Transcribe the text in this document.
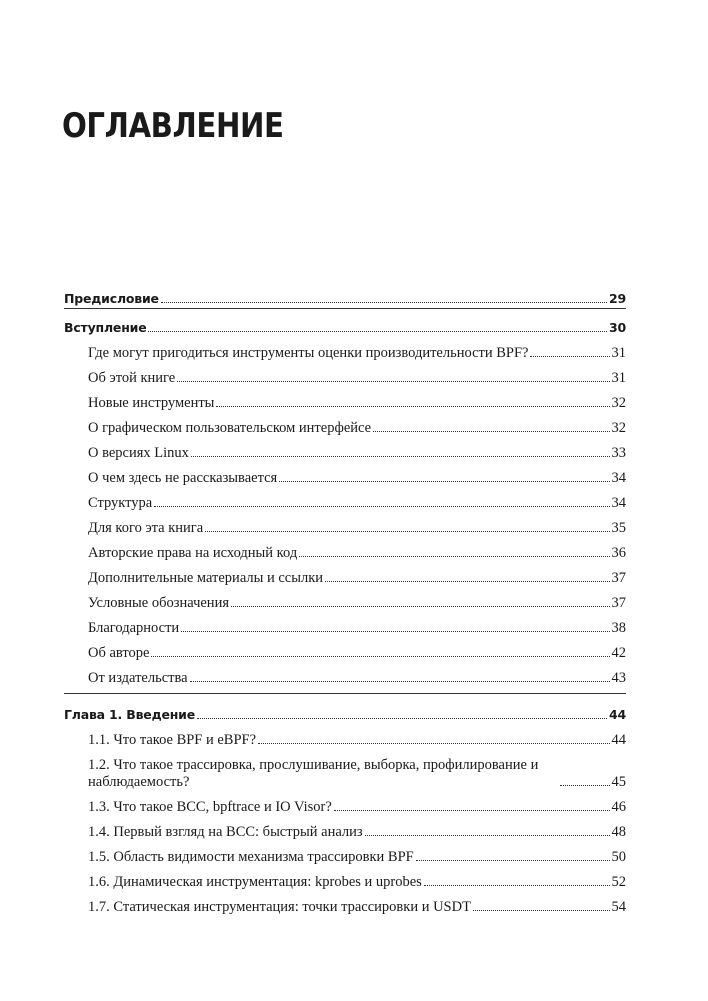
ОГЛАВЛЕНИЕ
Предисловие	29
Вступление	30
Где могут пригодиться инструменты оценки производительности BPF?	31
Об этой книге	31
Новые инструменты	32
О графическом пользовательском интерфейсе	32
О версиях Linux	33
О чем здесь не рассказывается	34
Структура	34
Для кого эта книга	35
Авторские права на исходный код	36
Дополнительные материалы и ссылки	37
Условные обозначения	37
Благодарности	38
Об авторе	42
От издательства	43
Глава 1. Введение	44
1.1. Что такое BPF и eBPF?	44
1.2. Что такое трассировка, прослушивание, выборка, профилирование и наблюдаемость?	45
1.3. Что такое BCC, bpftrace и IO Visor?	46
1.4. Первый взгляд на BCC: быстрый анализ	48
1.5. Область видимости механизма трассировки BPF	50
1.6. Динамическая инструментация: kprobes и uprobes	52
1.7. Статическая инструментация: точки трассировки и USDT	54
